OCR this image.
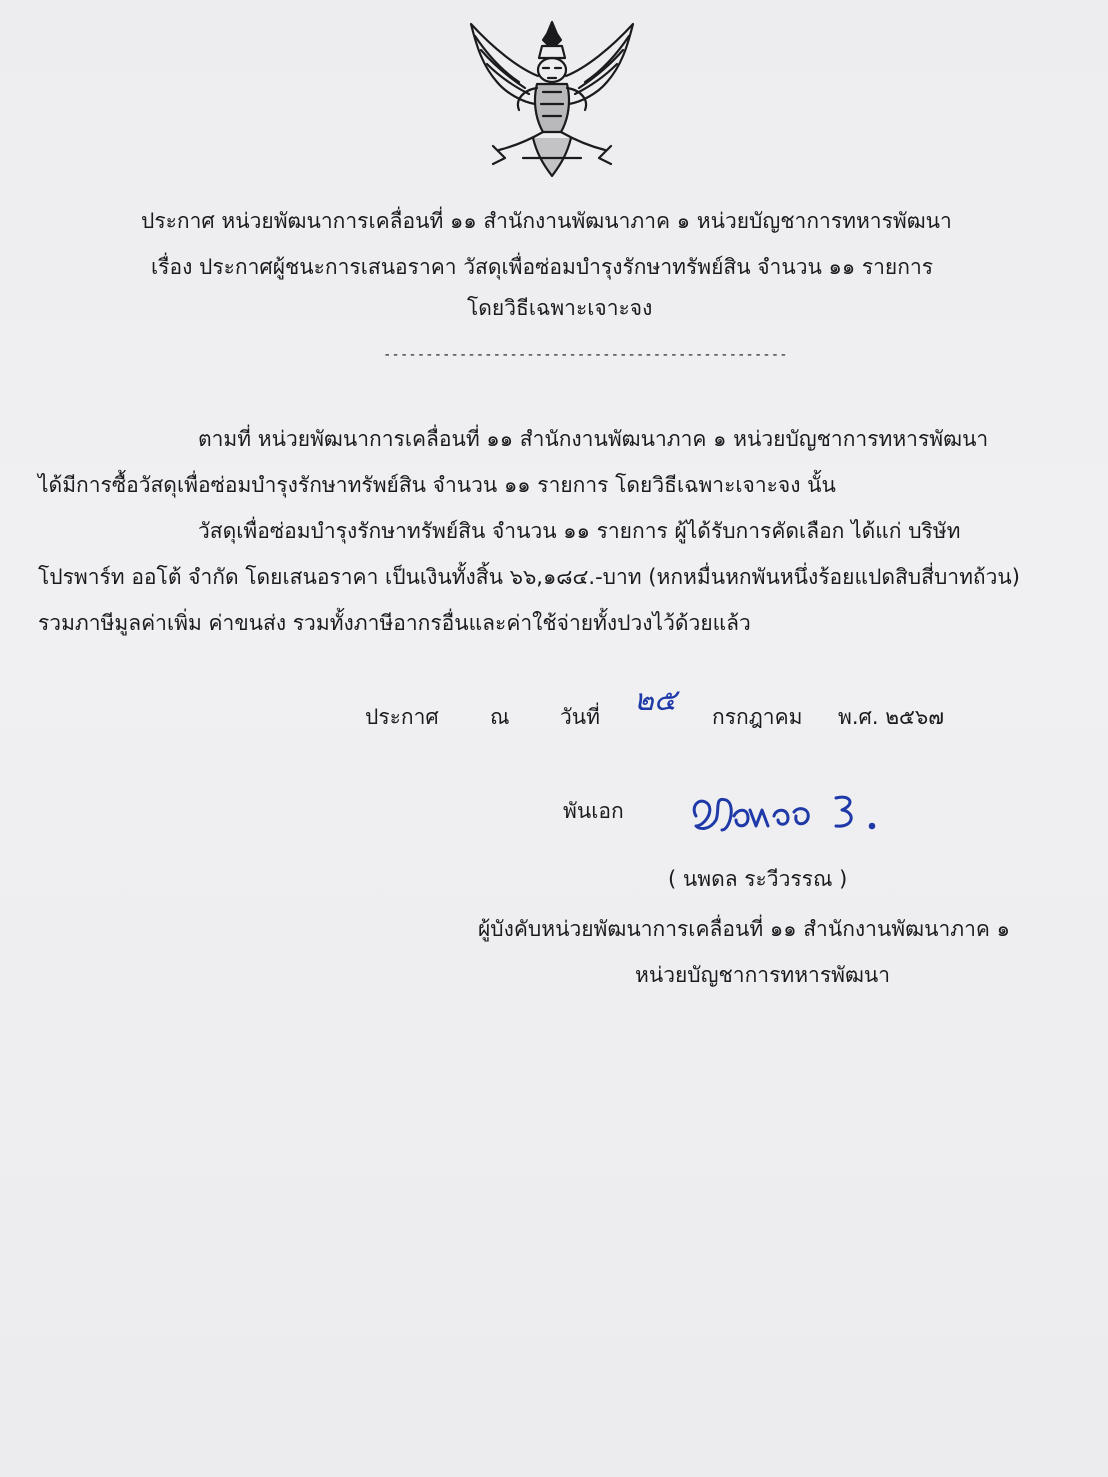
ประกาศ หน่วยพัฒนาการเคลื่อนที่ ๑๑ สำนักงานพัฒนาภาค ๑ หน่วยบัญชาการทหารพัฒนา
เรื่อง ประกาศผู้ชนะการเสนอราคา วัสดุเพื่อซ่อมบำรุงรักษาทรัพย์สิน จำนวน ๑๑ รายการ
โดยวิธีเฉพาะเจาะจง
------------------------------------------------
ตามที่ หน่วยพัฒนาการเคลื่อนที่ ๑๑ สำนักงานพัฒนาภาค ๑ หน่วยบัญชาการทหารพัฒนา
ได้มีการซื้อวัสดุเพื่อซ่อมบำรุงรักษาทรัพย์สิน จำนวน ๑๑ รายการ โดยวิธีเฉพาะเจาะจง นั้น
วัสดุเพื่อซ่อมบำรุงรักษาทรัพย์สิน จำนวน ๑๑ รายการ ผู้ได้รับการคัดเลือก ได้แก่ บริษัท
โปรพาร์ท ออโต้ จำกัด โดยเสนอราคา เป็นเงินทั้งสิ้น ๖๖,๑๘๔.-บาท (หกหมื่นหกพันหนึ่งร้อยแปดสิบสี่บาทถ้วน)
รวมภาษีมูลค่าเพิ่ม ค่าขนส่ง รวมทั้งภาษีอากรอื่นและค่าใช้จ่ายทั้งปวงไว้ด้วยแล้ว
ประกาศ ณ วันที่ ๒๕ กรกฎาคม พ.ศ. ๒๕๖๗
พันเอก
( นพดล ระวีวรรณ )
ผู้บังคับหน่วยพัฒนาการเคลื่อนที่ ๑๑ สำนักงานพัฒนาภาค ๑
หน่วยบัญชาการทหารพัฒนา
